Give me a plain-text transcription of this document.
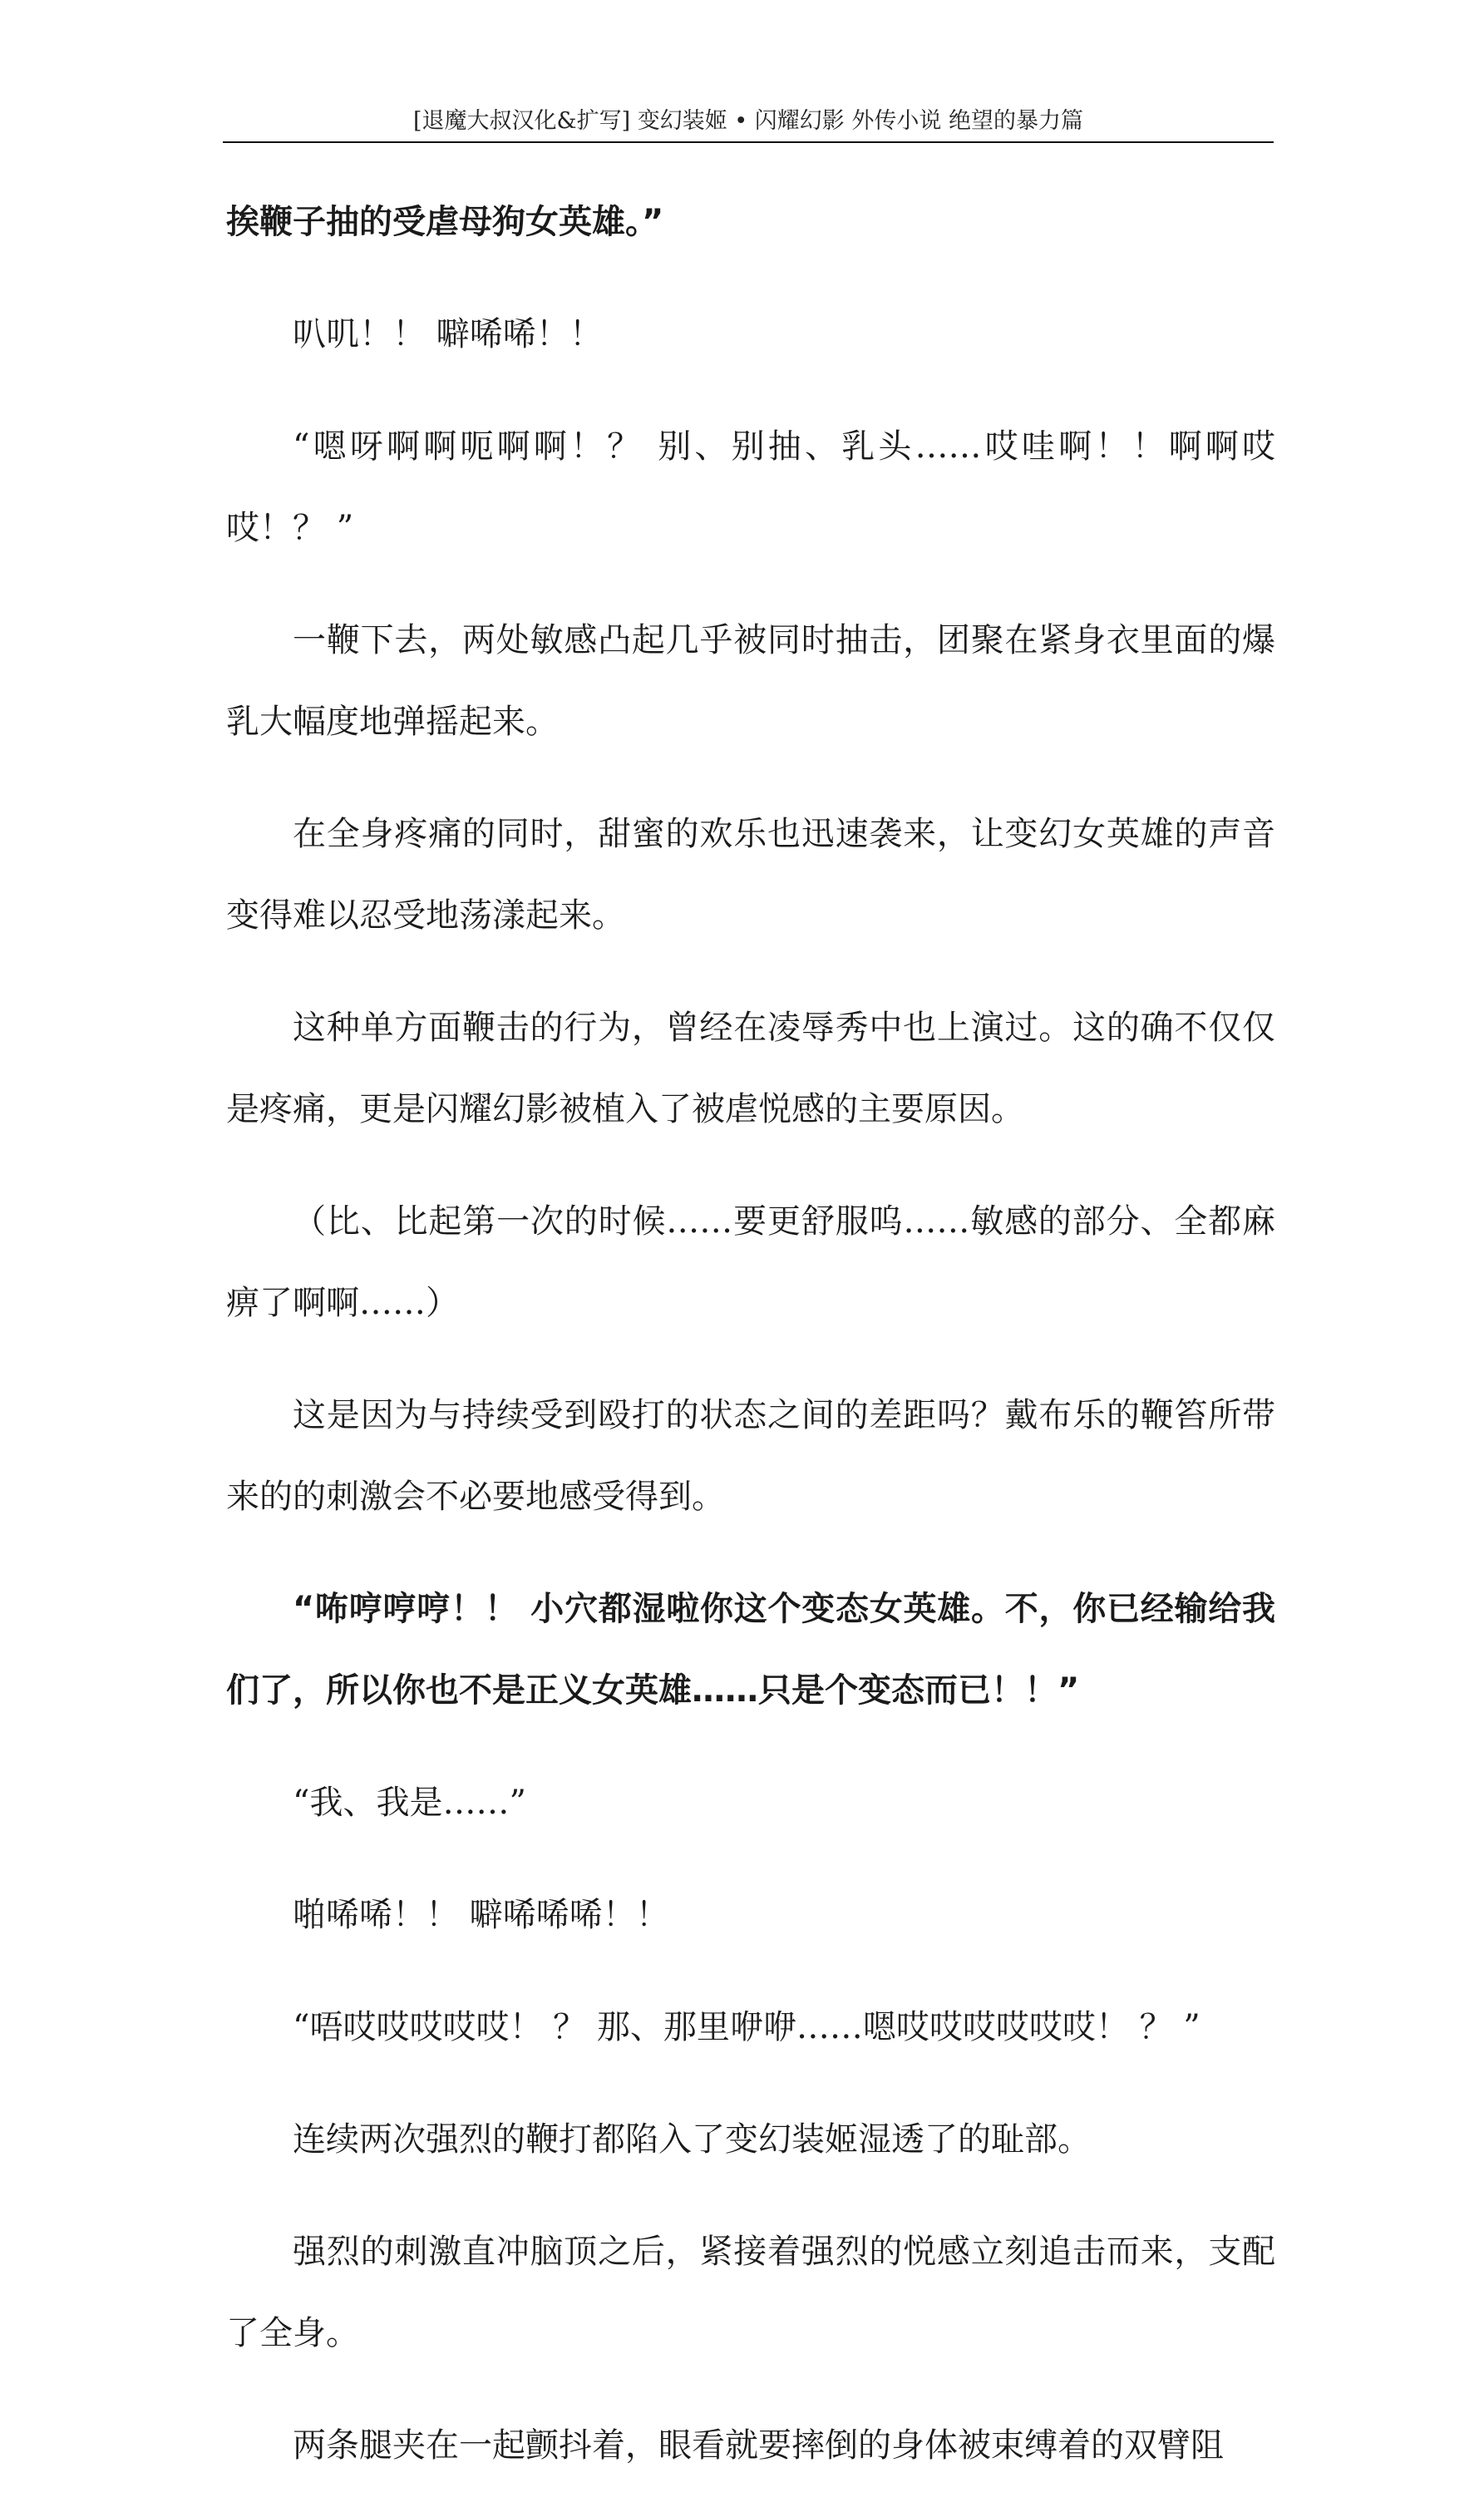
[退魔大叔汉化&扩写] 变幻装姬 • 闪耀幻影 外传小说 绝望的暴力篇

挨鞭子抽的受虐母狗女英雄。”

叭叽！！ 噼唏唏！！

“嗯呀啊啊呃啊啊！？ 别、别抽、乳头……哎哇啊！！啊啊哎哎！？ ”

一鞭下去，两处敏感凸起几乎被同时抽击，团聚在紧身衣里面的爆乳大幅度地弹摇起来。

在全身疼痛的同时，甜蜜的欢乐也迅速袭来，让变幻女英雄的声音变得难以忍受地荡漾起来。

这种单方面鞭击的行为，曾经在凌辱秀中也上演过。这的确不仅仅是疼痛，更是闪耀幻影被植入了被虐悦感的主要原因。

（比、比起第一次的时候……要更舒服呜……敏感的部分、全都麻痹了啊啊……）

这是因为与持续受到殴打的状态之间的差距吗？戴布乐的鞭笞所带来的的刺激会不必要地感受得到。

“咘哼哼哼！！ 小穴都湿啦你这个变态女英雄。不，你已经输给我们了，所以你也不是正义女英雄……只是个变态而已！！”

“我、我是……”

啪唏唏！！ 噼唏唏唏！！

“唔哎哎哎哎哎！ ？ 那、那里咿咿……嗯哎哎哎哎哎哎！ ？ ”

连续两次强烈的鞭打都陷入了变幻装姬湿透了的耻部。

强烈的刺激直冲脑顶之后，紧接着强烈的悦感立刻追击而来，支配了全身。

两条腿夹在一起颤抖着，眼看就要摔倒的身体被束缚着的双臂阻
